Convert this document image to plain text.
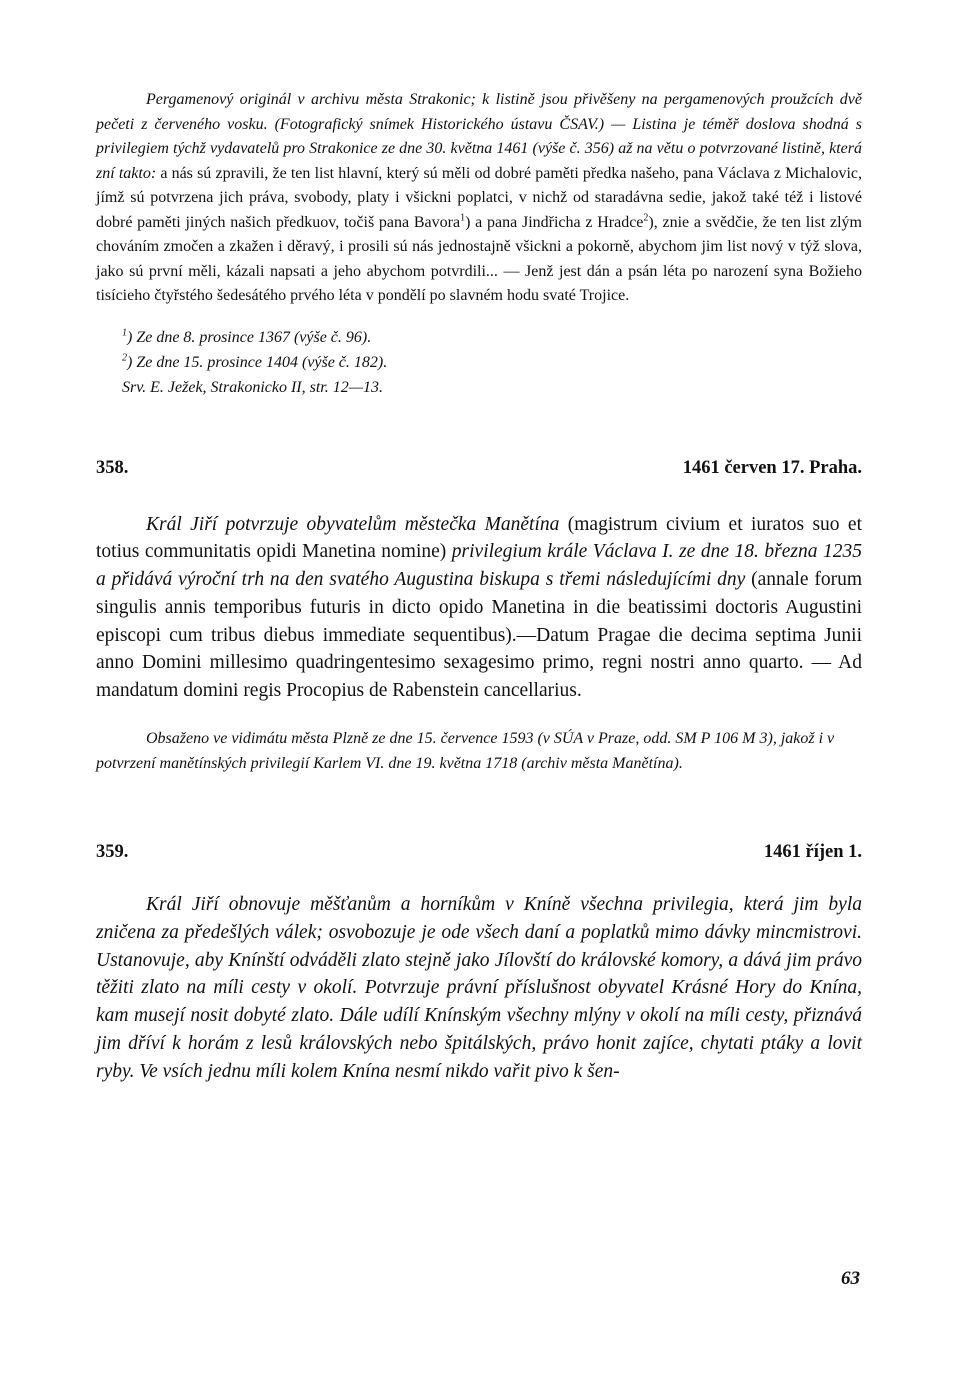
Pergamenový originál v archivu města Strakonic; k listině jsou přivěšeny na pergamenových proužcích dvě pečeti z červeného vosku. (Fotografický snímek Historického ústavu ČSAV.) — Listina je téměř doslova shodná s privilegiem týchž vydavatelů pro Strakonice ze dne 30. května 1461 (výše č. 356) až na větu o potvrzované listině, která zní takto: a nás sú zpravili, že ten list hlavní, který sú měli od dobré paměti předka našeho, pana Václava z Michalovic, jímž sú potvrzena jich práva, svobody, platy i všickni poplatci, v nichž od staradávna sedie, jakož také též i listové dobré paměti jiných našich předkuov, točiš pana Bavora$^1$) a pana Jindřicha z Hradce$^2$), znie a svědčie, že ten list zlým chováním zmočen a zkažen i děravý, i prosili sú nás jednostajně všickni a pokorně, abychom jim list nový v týž slova, jako sú první měli, kázali napsati a jeho abychom potvrdili... — Jenž jest dán a psán léta po narození syna Božieho tisícieho čtyřstého šedesátého prvého léta v pondělí po slavném hodu svaté Trojice.

$^1$) Ze dne 8. prosince 1367 (výše č. 96).
$^2$) Ze dne 15. prosince 1404 (výše č. 182).
Srv. E. Ježek, Strakonicko II, str. 12—13.
358.	1461 červen 17. Praha.

Král Jiří potvrzuje obyvatelům městečka Manětína (magistrum civium et iuratos suo et totius communitatis opidi Manetina nomine) privilegium krále Václava I. ze dne 18. března 1235 a přidává výroční trh na den svatého Augustina biskupa s třemi následujícími dny (annale forum singulis annis temporibus futuris in dicto opido Manetina in die beatissimi doctoris Augustini episcopi cum tribus diebus immediate sequentibus).—Datum Pragae die decima septima Junii anno Domini millesimo quadringentesimo sexagesimo primo, regni nostri anno quarto. — Ad mandatum domini regis Procopius de Rabenstein cancellarius.

Obsaženo ve vidimátu města Plzně ze dne 15. července 1593 (v SÚA v Praze, odd. SM P 106 M 3), jakož i v potvrzení manětínských privilegií Karlem VI. dne 19. května 1718 (archiv města Manětína).

359.	1461 říjen 1.

Král Jiří obnovuje měšťanům a horníkům v Kníně všechna privilegia, která jim byla zničena za předešlých válek; osvobozuje je ode všech daní a poplatků mimo dávky mincmistrovi. Ustanovuje, aby Knínští odváděli zlato stejně jako Jílovští do královské komory, a dává jim právo těžiti zlato na míli cesty v okolí. Potvrzuje právní příslušnost obyvatel Krásné Hory do Knína, kam musejí nosit dobyté zlato. Dále udílí Knínským všechny mlýny v okolí na míli cesty, přiznává jim dříví k horám z lesů královských nebo špitálských, právo honit zajíce, chytati ptáky a lovit ryby. Ve vsích jednu míli kolem Knína nesmí nikdo vařit pivo k šen-

63
